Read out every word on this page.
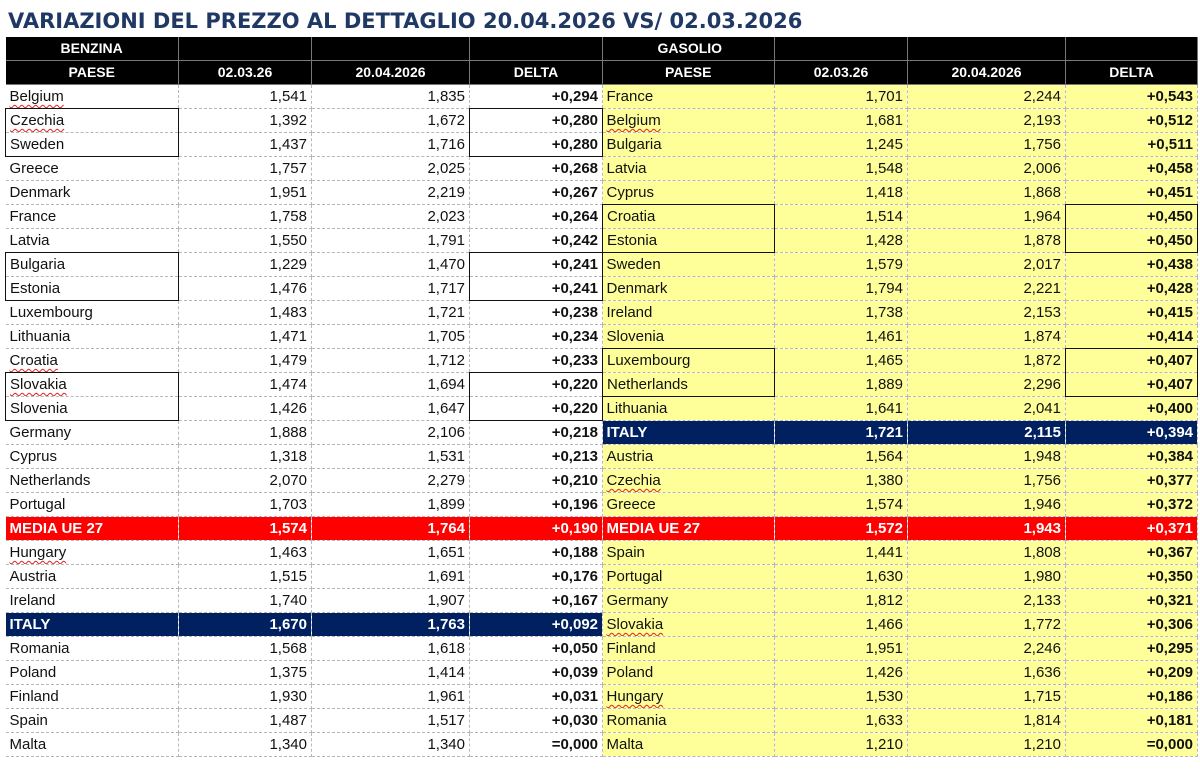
VARIAZIONI DEL PREZZO AL DETTAGLIO 20.04.2026 VS/ 02.03.2026
BENZINA			
PAESE	02.03.26	20.04.2026	DELTA
Belgium	1,541	1,835	+0,294
Czechia	1,392	1,672	+0,280
Sweden	1,437	1,716	+0,280
Greece	1,757	2,025	+0,268
Denmark	1,951	2,219	+0,267
France	1,758	2,023	+0,264
Latvia	1,550	1,791	+0,242
Bulgaria	1,229	1,470	+0,241
Estonia	1,476	1,717	+0,241
Luxembourg	1,483	1,721	+0,238
Lithuania	1,471	1,705	+0,234
Croatia	1,479	1,712	+0,233
Slovakia	1,474	1,694	+0,220
Slovenia	1,426	1,647	+0,220
Germany	1,888	2,106	+0,218
Cyprus	1,318	1,531	+0,213
Netherlands	2,070	2,279	+0,210
Portugal	1,703	1,899	+0,196
MEDIA UE 27	1,574	1,764	+0,190
Hungary	1,463	1,651	+0,188
Austria	1,515	1,691	+0,176
Ireland	1,740	1,907	+0,167
ITALY	1,670	1,763	+0,092
Romania	1,568	1,618	+0,050
Poland	1,375	1,414	+0,039
Finland	1,930	1,961	+0,031
Spain	1,487	1,517	+0,030
Malta	1,340	1,340	=0,000
GASOLIO			
PAESE	02.03.26	20.04.2026	DELTA
France	1,701	2,244	+0,543
Belgium	1,681	2,193	+0,512
Bulgaria	1,245	1,756	+0,511
Latvia	1,548	2,006	+0,458
Cyprus	1,418	1,868	+0,451
Croatia	1,514	1,964	+0,450
Estonia	1,428	1,878	+0,450
Sweden	1,579	2,017	+0,438
Denmark	1,794	2,221	+0,428
Ireland	1,738	2,153	+0,415
Slovenia	1,461	1,874	+0,414
Luxembourg	1,465	1,872	+0,407
Netherlands	1,889	2,296	+0,407
Lithuania	1,641	2,041	+0,400
ITALY	1,721	2,115	+0,394
Austria	1,564	1,948	+0,384
Czechia	1,380	1,756	+0,377
Greece	1,574	1,946	+0,372
MEDIA UE 27	1,572	1,943	+0,371
Spain	1,441	1,808	+0,367
Portugal	1,630	1,980	+0,350
Germany	1,812	2,133	+0,321
Slovakia	1,466	1,772	+0,306
Finland	1,951	2,246	+0,295
Poland	1,426	1,636	+0,209
Hungary	1,530	1,715	+0,186
Romania	1,633	1,814	+0,181
Malta	1,210	1,210	=0,000
